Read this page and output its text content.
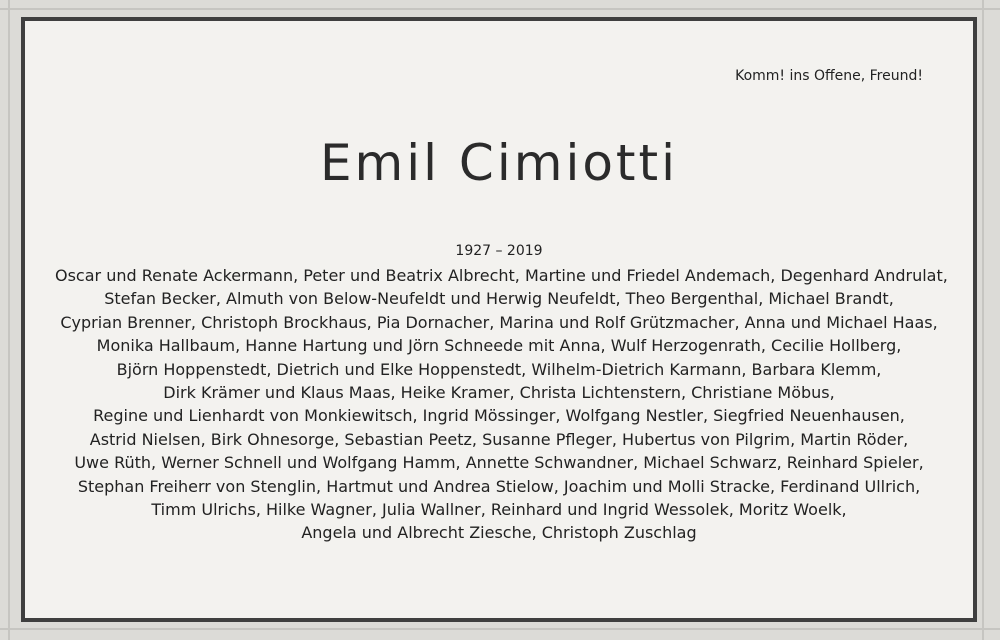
Komm! ins Offene, Freund!
Emil Cimiotti
1927 – 2019
Oscar und Renate Ackermann, Peter und Beatrix Albrecht, Martine und Friedel Andemach, Degenhard Andrulat,
Stefan Becker, Almuth von Below-Neufeldt und Herwig Neufeldt, Theo Bergenthal, Michael Brandt,
Cyprian Brenner, Christoph Brockhaus, Pia Dornacher, Marina und Rolf Grützmacher, Anna und Michael Haas,
Monika Hallbaum, Hanne Hartung und Jörn Schneede mit Anna, Wulf Herzogenrath, Cecilie Hollberg,
Björn Hoppenstedt, Dietrich und Elke Hoppenstedt, Wilhelm-Dietrich Karmann, Barbara Klemm,
Dirk Krämer und Klaus Maas, Heike Kramer, Christa Lichtenstern, Christiane Möbus,
Regine und Lienhardt von Monkiewitsch, Ingrid Mössinger, Wolfgang Nestler, Siegfried Neuenhausen,
Astrid Nielsen, Birk Ohnesorge, Sebastian Peetz, Susanne Pfleger, Hubertus von Pilgrim, Martin Röder,
Uwe Rüth, Werner Schnell und Wolfgang Hamm, Annette Schwandner, Michael Schwarz, Reinhard Spieler,
Stephan Freiherr von Stenglin, Hartmut und Andrea Stielow, Joachim und Molli Stracke, Ferdinand Ullrich,
Timm Ulrichs, Hilke Wagner, Julia Wallner, Reinhard und Ingrid Wessolek, Moritz Woelk,
Angela und Albrecht Ziesche, Christoph Zuschlag
